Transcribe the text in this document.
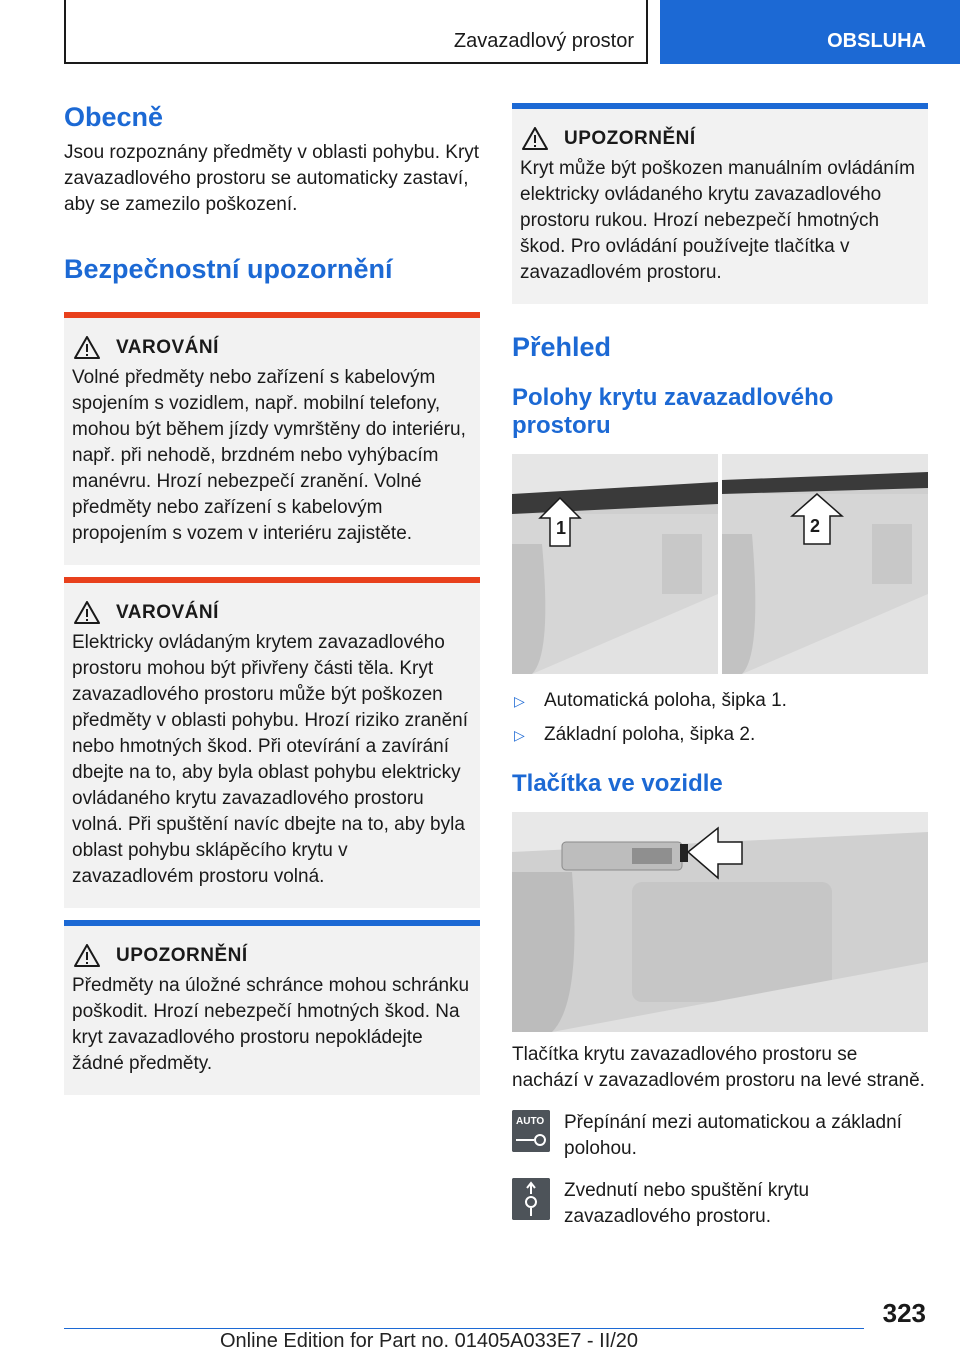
Zavazadlový prostor	OBSLUHA
Obecně

Jsou rozpoznány předměty v oblasti pohybu. Kryt zavazadlového prostoru se automaticky zastaví, aby se zamezilo poškození.

Bezpečnostní upozornění
VAROVÁNÍ

Volné předměty nebo zařízení s kabelovým spojením s vozidlem, např. mobilní telefony, mohou být během jízdy vymrštěny do interiéru, např. při nehodě, brzdném nebo vyhýbacím manévru. Hrozí nebezpečí zranění. Volné předměty nebo zařízení s kabelovým propojením s vozem v interiéru zajistěte.

VAROVÁNÍ

Elektricky ovládaným krytem zavazadlového prostoru mohou být přivřeny části těla. Kryt zavazadlového prostoru může být poškozen předměty v oblasti pohybu. Hrozí riziko zranění nebo hmotných škod. Při otevírání a zavírání dbejte na to, aby byla oblast pohybu elektricky ovládaného krytu zavazadlového prostoru volná. Při spuštění navíc dbejte na to, aby byla oblast pohybu sklápěcího krytu v zavazadlovém prostoru volná.

UPOZORNĚNÍ

Předměty na úložné schránce mohou schránku poškodit. Hrozí nebezpečí hmotných škod. Na kryt zavazadlového prostoru nepokládejte žádné předměty.

UPOZORNĚNÍ

Kryt může být poškozen manuálním ovládáním elektricky ovládaného krytu zavazadlového prostoru rukou. Hrozí nebezpečí hmotných škod. Pro ovládání používejte tlačítka v zavazadlovém prostoru.

Přehled
Polohy krytu zavazadlového prostoru
1	2
▷	Automatická poloha, šipka 1.
▷	Základní poloha, šipka 2.
Tlačítka ve vozidle

Tlačítka krytu zavazadlového prostoru se nachází v zavazadlovém prostoru na levé straně.

AUTO Přepínání mezi automatickou a základní polohou.

Zvednutí nebo spuštění krytu zavazadlového prostoru.

323
Online Edition for Part no. 01405A033E7 - II/20
